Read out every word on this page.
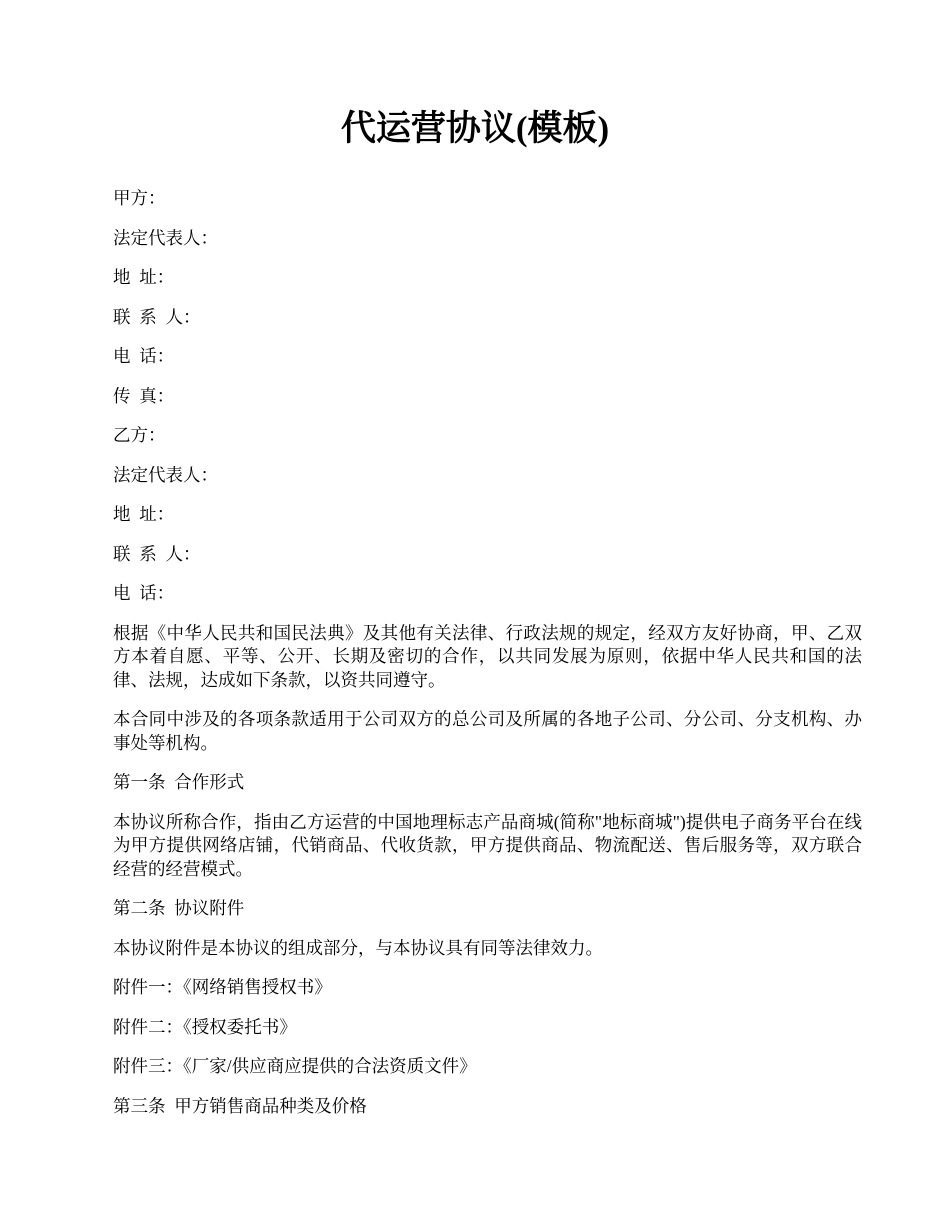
代运营协议(模板)

甲方：

法定代表人：

地 址：

联 系 人：

电 话：

传 真：

乙方：

法定代表人：

地 址：

联 系 人：

电 话：

根据《中华人民共和国民法典》及其他有关法律、行政法规的规定，经双方友好协商，甲、乙双方本着自愿、平等、公开、长期及密切的合作，以共同发展为原则，依据中华人民共和国的法律、法规，达成如下条款，以资共同遵守。

本合同中涉及的各项条款适用于公司双方的总公司及所属的各地子公司、分公司、分支机构、办事处等机构。

第一条 合作形式

本协议所称合作，指由乙方运营的中国地理标志产品商城(简称"地标商城")提供电子商务平台在线为甲方提供网络店铺，代销商品、代收货款，甲方提供商品、物流配送、售后服务等，双方联合经营的经营模式。

第二条 协议附件

本协议附件是本协议的组成部分，与本协议具有同等法律效力。

附件一：《网络销售授权书》

附件二：《授权委托书》

附件三：《厂家/供应商应提供的合法资质文件》

第三条 甲方销售商品种类及价格
